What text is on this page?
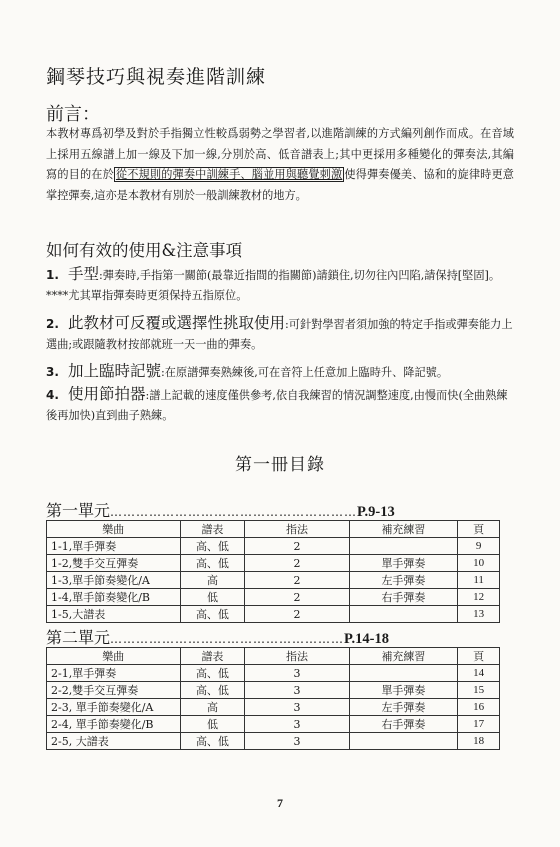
鋼琴技巧與視奏進階訓練
前言：
本教材專爲初學及對於手指獨立性較爲弱勢之學習者,以進階訓練的方式編列創作而成。在音域上採用五線譜上加一線及下加一線,分別於高、低音譜表上;其中更採用多種變化的彈奏法,其編寫的目的在於 從不規則的彈奏中訓練手、腦並用與聽覺刺激 使得彈奏優美、協和的旋律時更意掌控彈奏,這亦是本教材有別於一般訓練教材的地方。
如何有效的使用&注意事項
1. 手型:彈奏時,手指第一關節(最靠近指間的指關節)請鎖住,切勿往內凹陷,請保持[堅固]。****尤其單指彈奏時更須保持五指原位。
2. 此教材可反覆或選擇性挑取使用:可針對學習者須加強的特定手指或彈奏能力上選曲;或跟隨教材按部就班一天一曲的彈奏。
3. 加上臨時記號:在原譜彈奏熟練後,可在音符上任意加上臨時升、降記號。
4. 使用節拍器:譜上記載的速度僅供參考,依自我練習的情況調整速度,由慢而快(全曲熟練後再加快)直到曲子熟練。
第一冊目錄
第一單元…………………………………………………P.9-13
樂曲	譜表	指法	補充練習	頁
1-1,單手彈奏	高、低	2		9
1-2,雙手交互彈奏	高、低	2	單手彈奏	10
1-3,單手節奏變化/A	高	2	左手彈奏	11
1-4,單手節奏變化/B	低	2	右手彈奏	12
1-5,大譜表	高、低	2		13
第二單元………………………………………………P.14-18
樂曲	譜表	指法	補充練習	頁
2-1,單手彈奏	高、低	3		14
2-2,雙手交互彈奏	高、低	3	單手彈奏	15
2-3, 單手節奏變化/A	高	3	左手彈奏	16
2-4, 單手節奏變化/B	低	3	右手彈奏	17
2-5, 大譜表	高、低	3		18
7
